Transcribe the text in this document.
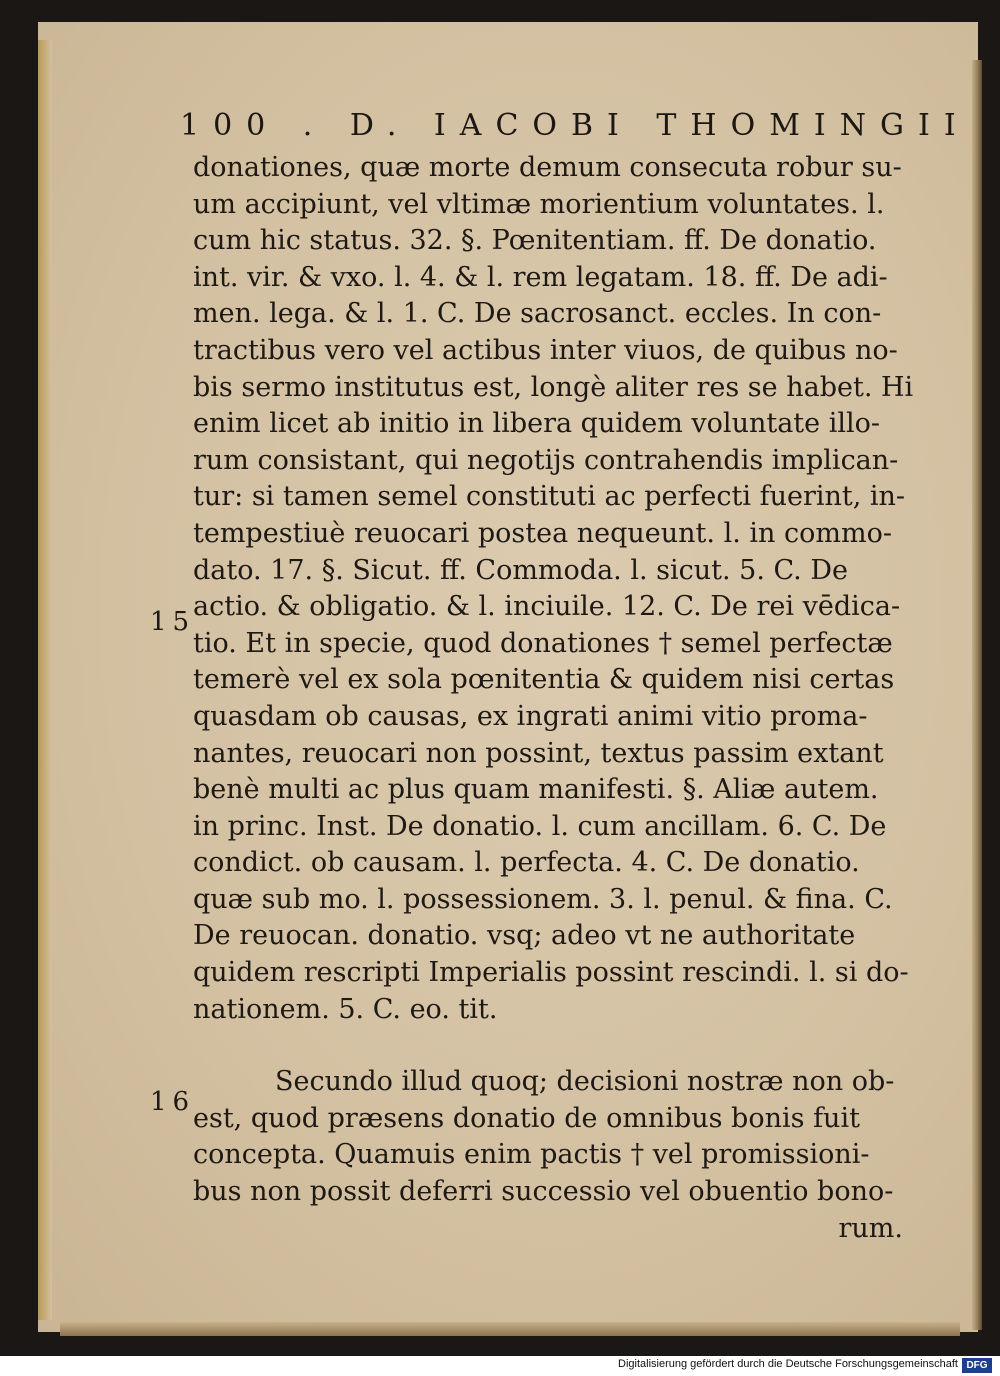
100 . D. IACOBI THOMINGII
donationes, quæ morte demum consecuta robur su-
um accipiunt, vel vltimæ morientium voluntates. l.
cum hic status. 32. §. Pœnitentiam. ff. De donatio.
int. vir. & vxo. l. 4. & l. rem legatam. 18. ff. De adi-
men. lega. & l. 1. C. De sacrosanct. eccles. In con-
tractibus vero vel actibus inter viuos, de quibus no-
bis sermo institutus est, longè aliter res se habet. Hi
enim licet ab initio in libera quidem voluntate illo-
rum consistant, qui negotijs contrahendis implican-
tur: si tamen semel constituti ac perfecti fuerint, in-
tempestiuè reuocari postea nequeunt. l. in commo-
dato. 17. §. Sicut. ff. Commoda. l. sicut. 5. C. De
actio. & obligatio. & l. inciuile. 12. C. De rei vēdica-
tio. Et in specie, quod donationes † semel perfectæ
temerè vel ex sola pœnitentia & quidem nisi certas
quasdam ob causas, ex ingrati animi vitio proma-
nantes, reuocari non possint, textus passim extant
benè multi ac plus quam manifesti. §. Aliæ autem.
in princ. Inst. De donatio. l. cum ancillam. 6. C. De
condict. ob causam. l. perfecta. 4. C. De donatio.
quæ sub mo. l. possessionem. 3. l. penul. & fina. C.
De reuocan. donatio. vsq; adeo vt ne authoritate
quidem rescripti Imperialis possint rescindi. l. si do-
nationem. 5. C. eo. tit.
Secundo illud quoq; decisioni nostræ non ob-
est, quod præsens donatio de omnibus bonis fuit
concepta. Quamuis enim pactis † vel promissioni-
bus non possit deferri successio vel obuentio bono-
rum.
15
16
Digitalisierung gefördert durch die Deutsche Forschungsgemeinschaft DFG
